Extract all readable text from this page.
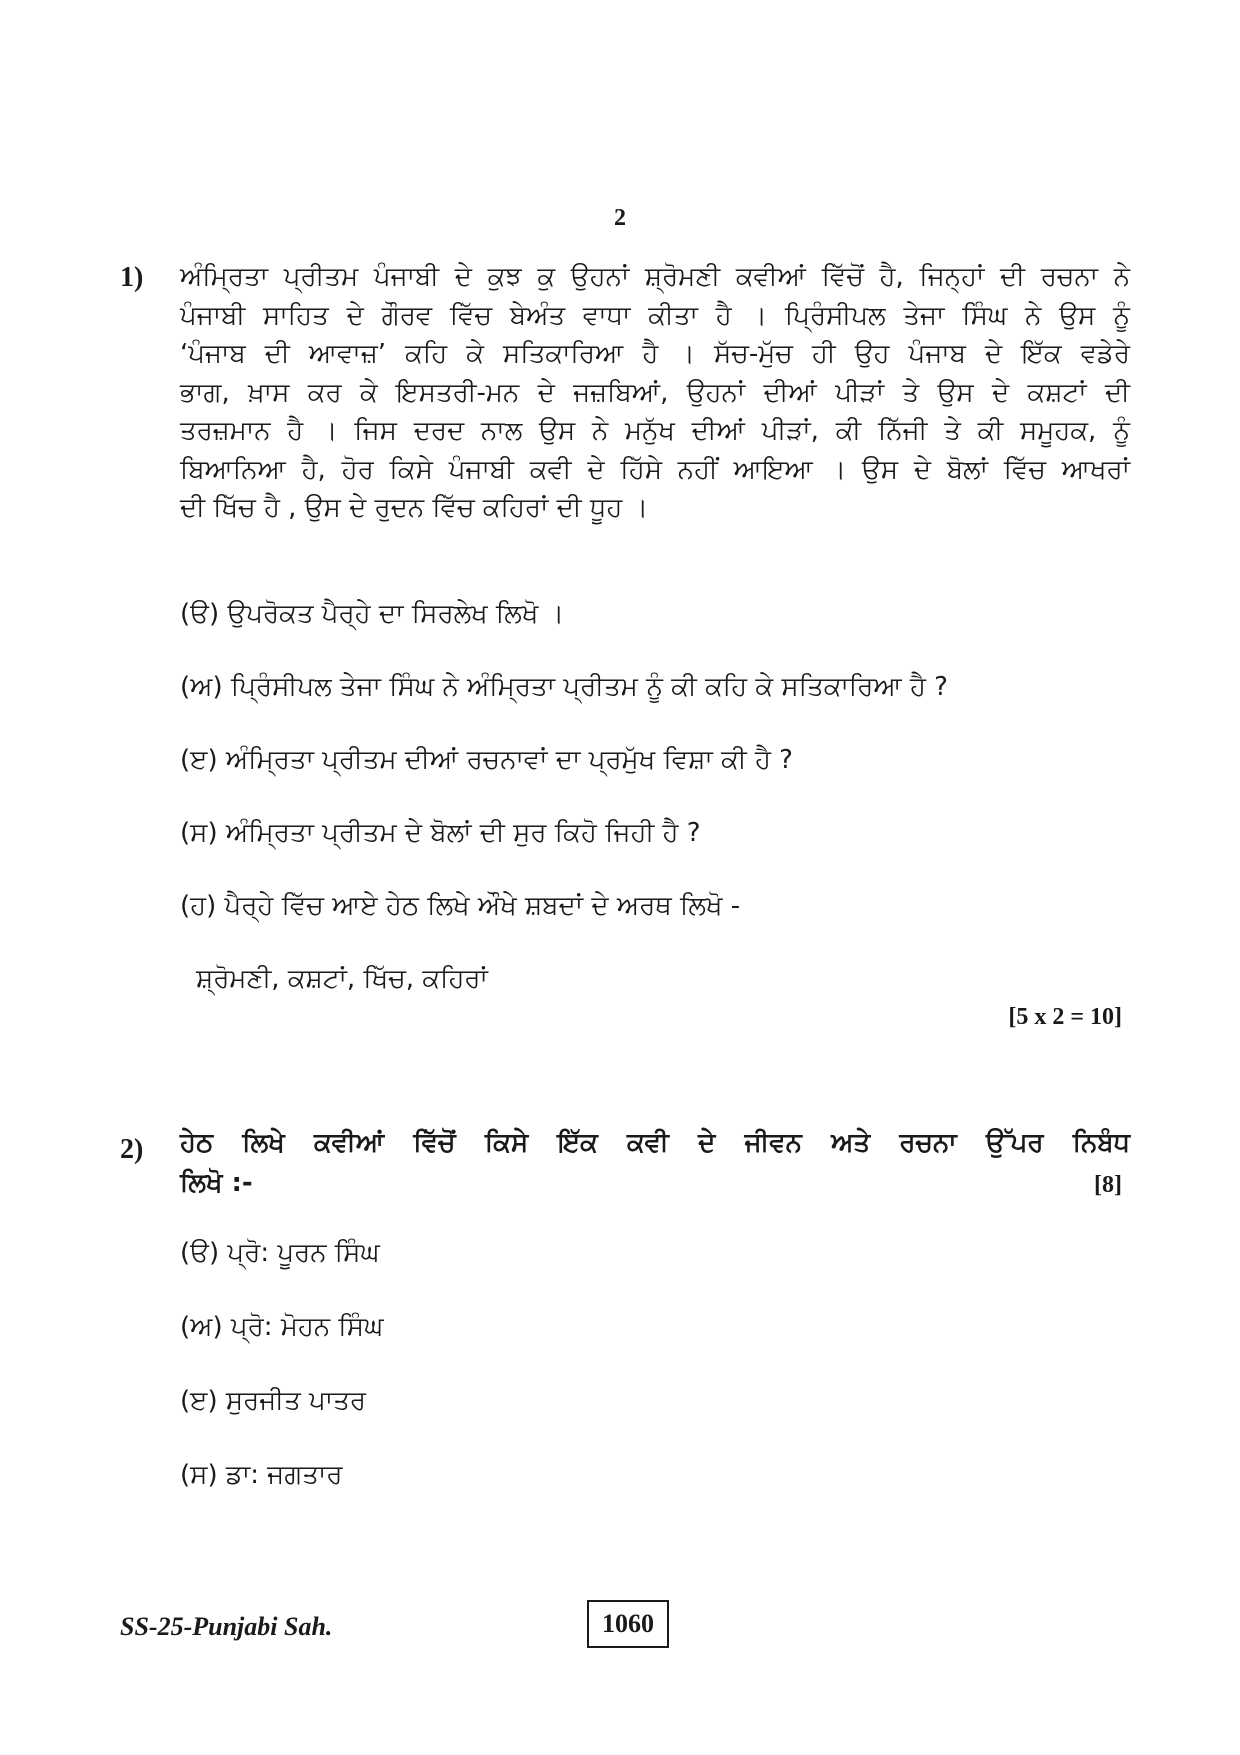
2
1) ਅੰਮ੍ਰਿਤਾ ਪ੍ਰੀਤਮ ਪੰਜਾਬੀ ਦੇ ਕੁਝ ਕੁ ਉਹਨਾਂ ਸ਼੍ਰੋਮਣੀ ਕਵੀਆਂ ਵਿੱਚੋਂ ਹੈ, ਜਿਨ੍ਹਾਂ ਦੀ ਰਚਨਾ ਨੇ
ਪੰਜਾਬੀ ਸਾਹਿਤ ਦੇ ਗੌਰਵ ਵਿੱਚ ਬੇਅੰਤ ਵਾਧਾ ਕੀਤਾ ਹੈ । ਪ੍ਰਿੰਸੀਪਲ ਤੇਜਾ ਸਿੰਘ ਨੇ ਉਸ ਨੂੰ
‘ਪੰਜਾਬ ਦੀ ਆਵਾਜ਼’ ਕਹਿ ਕੇ ਸਤਿਕਾਰਿਆ ਹੈ । ਸੱਚ-ਮੁੱਚ ਹੀ ਉਹ ਪੰਜਾਬ ਦੇ ਇੱਕ ਵਡੇਰੇ
ਭਾਗ, ਖ਼ਾਸ ਕਰ ਕੇ ਇਸਤਰੀ-ਮਨ ਦੇ ਜਜ਼ਬਿਆਂ, ਉਹਨਾਂ ਦੀਆਂ ਪੀੜਾਂ ਤੇ ਉਸ ਦੇ ਕਸ਼ਟਾਂ ਦੀ
ਤਰਜ਼ਮਾਨ ਹੈ । ਜਿਸ ਦਰਦ ਨਾਲ ਉਸ ਨੇ ਮਨੁੱਖ ਦੀਆਂ ਪੀੜਾਂ, ਕੀ ਨਿੱਜੀ ਤੇ ਕੀ ਸਮੂਹਕ, ਨੂੰ
ਬਿਆਨਿਆ ਹੈ, ਹੋਰ ਕਿਸੇ ਪੰਜਾਬੀ ਕਵੀ ਦੇ ਹਿੱਸੇ ਨਹੀਂ ਆਇਆ । ਉਸ ਦੇ ਬੋਲਾਂ ਵਿੱਚ ਆਖਰਾਂ
ਦੀ ਖਿੱਚ ਹੈ , ਉਸ ਦੇ ਰੁਦਨ ਵਿੱਚ ਕਹਿਰਾਂ ਦੀ ਧੂਹ ।
(ੳ) ਉਪਰੋਕਤ ਪੈਰ੍ਹੇ ਦਾ ਸਿਰਲੇਖ ਲਿਖੋ ।
(ਅ) ਪ੍ਰਿੰਸੀਪਲ ਤੇਜਾ ਸਿੰਘ ਨੇ ਅੰਮ੍ਰਿਤਾ ਪ੍ਰੀਤਮ ਨੂੰ ਕੀ ਕਹਿ ਕੇ ਸਤਿਕਾਰਿਆ ਹੈ ?
(ੲ) ਅੰਮ੍ਰਿਤਾ ਪ੍ਰੀਤਮ ਦੀਆਂ ਰਚਨਾਵਾਂ ਦਾ ਪ੍ਰਮੁੱਖ ਵਿਸ਼ਾ ਕੀ ਹੈ ?
(ਸ) ਅੰਮ੍ਰਿਤਾ ਪ੍ਰੀਤਮ ਦੇ ਬੋਲਾਂ ਦੀ ਸੁਰ ਕਿਹੋ ਜਿਹੀ ਹੈ ?
(ਹ) ਪੈਰ੍ਹੇ ਵਿੱਚ ਆਏ ਹੇਠ ਲਿਖੇ ਔਖੇ ਸ਼ਬਦਾਂ ਦੇ ਅਰਥ ਲਿਖੋ -
ਸ਼੍ਰੋਮਣੀ, ਕਸ਼ਟਾਂ, ਖਿੱਚ, ਕਹਿਰਾਂ
[5 x 2 = 10]
2) ਹੇਠ ਲਿਖੇ ਕਵੀਆਂ ਵਿੱਚੋਂ ਕਿਸੇ ਇੱਕ ਕਵੀ ਦੇ ਜੀਵਨ ਅਤੇ ਰਚਨਾ ਉੱਪਰ ਨਿਬੰਧ
ਲਿਖੋ :-	[8]
(ੳ) ਪ੍ਰੋ: ਪੂਰਨ ਸਿੰਘ
(ਅ) ਪ੍ਰੋ: ਮੋਹਨ ਸਿੰਘ
(ੲ) ਸੁਰਜੀਤ ਪਾਤਰ
(ਸ) ਡਾ: ਜਗਤਾਰ
SS-25-Punjabi Sah.	1060
